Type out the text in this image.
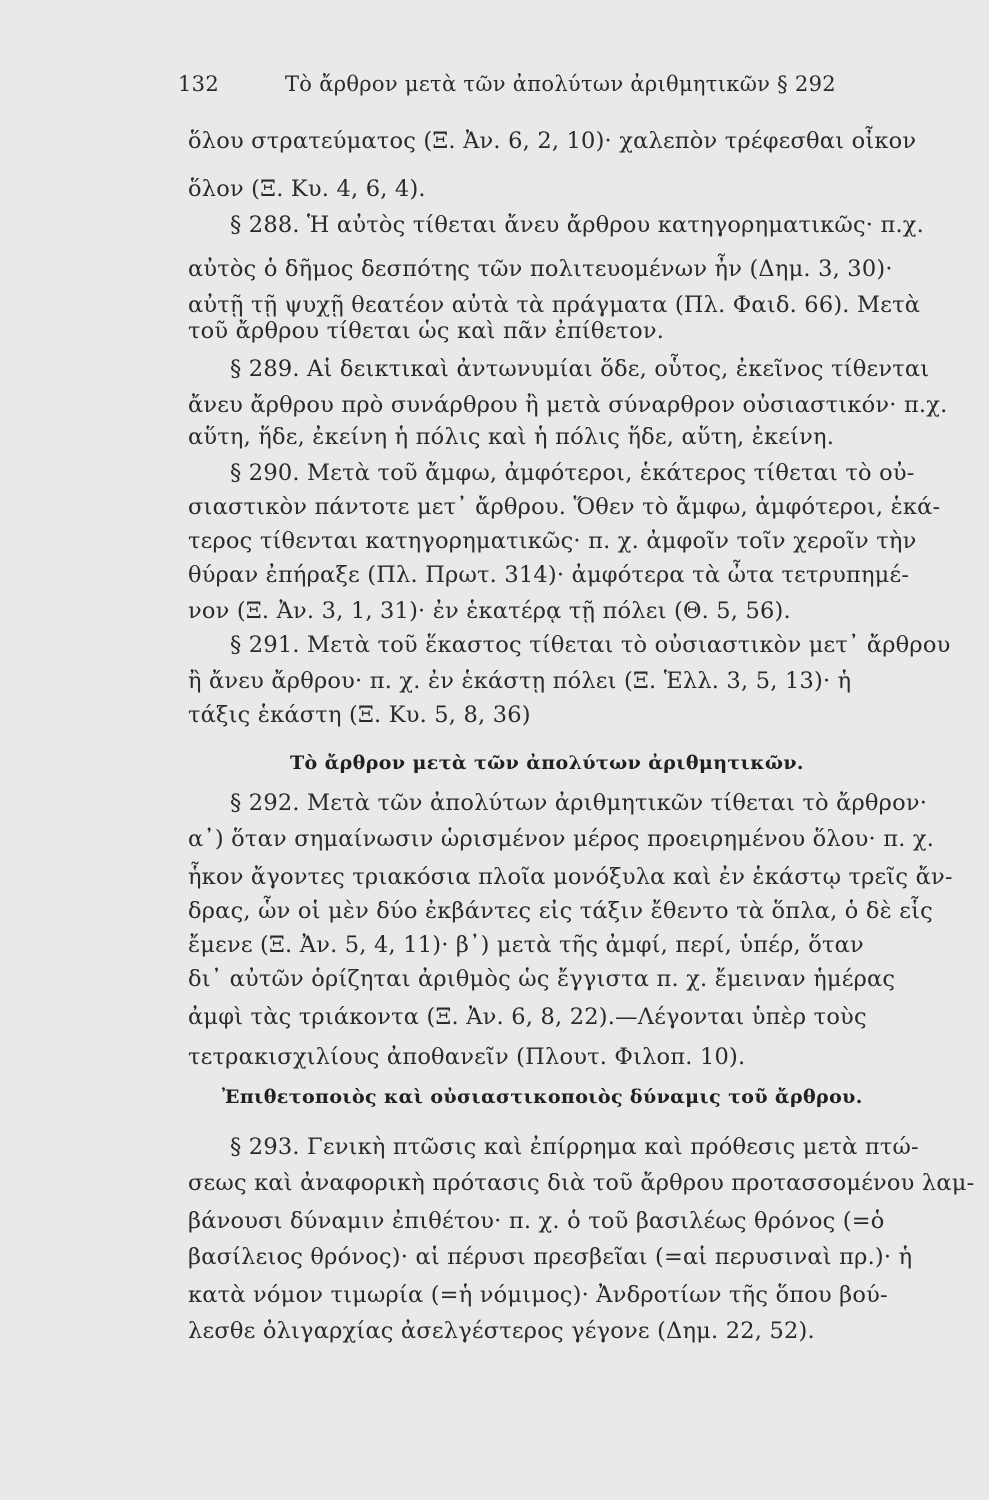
132	Τὸ ἄρθρον μετὰ τῶν ἀπολύτων ἀριθμητικῶν § 292
ὅλου στρατεύματος (Ξ. Ἀν. 6, 2, 10)· χαλεπὸν τρέφεσθαι οἶκον
ὅλον (Ξ. Κυ. 4, 6, 4).
§ 288. Ἡ αὐτὸς τίθεται ἄνευ ἄρθρου κατηγορηματικῶς· π.χ.
αὐτὸς ὁ δῆμος δεσπότης τῶν πολιτευομένων ἦν (Δημ. 3, 30)·
αὐτῇ τῇ ψυχῇ θεατέον αὐτὰ τὰ πράγματα (Πλ. Φαιδ. 66). Μετὰ
τοῦ ἄρθρου τίθεται ὡς καὶ πᾶν ἐπίθετον.
§ 289. Αἱ δεικτικαὶ ἀντωνυμίαι ὅδε, οὗτος, ἐκεῖνος τίθενται
ἄνευ ἄρθρου πρὸ συνάρθρου ἢ μετὰ σύναρθρον οὐσιαστικόν· π.χ.
αὕτη, ἥδε, ἐκείνη ἡ πόλις καὶ ἡ πόλις ἥδε, αὕτη, ἐκείνη.
§ 290. Μετὰ τοῦ ἄμφω, ἀμφότεροι, ἑκάτερος τίθεται τὸ οὐ-
σιαστικὸν πάντοτε μετ᾽ ἄρθρου. Ὅθεν τὸ ἄμφω, ἀμφότεροι, ἑκά-
τερος τίθενται κατηγορηματικῶς· π. χ. ἀμφοῖν τοῖν χεροῖν τὴν
θύραν ἐπήραξε (Πλ. Πρωτ. 314)· ἀμφότερα τὰ ὦτα τετρυπημέ-
νον (Ξ. Ἀν. 3, 1, 31)· ἐν ἑκατέρᾳ τῇ πόλει (Θ. 5, 56).
§ 291. Μετὰ τοῦ ἕκαστος τίθεται τὸ οὐσιαστικὸν μετ᾽ ἄρθρου
ἢ ἄνευ ἄρθρου· π. χ. ἐν ἑκάστῃ πόλει (Ξ. Ἑλλ. 3, 5, 13)· ἡ
τάξις ἑκάστη (Ξ. Κυ. 5, 8, 36)
Τὸ ἄρθρον μετὰ τῶν ἀπολύτων ἀριθμητικῶν.
§ 292. Μετὰ τῶν ἀπολύτων ἀριθμητικῶν τίθεται τὸ ἄρθρον·
α᾽) ὅταν σημαίνωσιν ὡρισμένον μέρος προειρημένου ὅλου· π. χ.
ἧκον ἄγοντες τριακόσια πλοῖα μονόξυλα καὶ ἐν ἑκάστῳ τρεῖς ἄν-
δρας, ὧν οἱ μὲν δύο ἐκβάντες εἰς τάξιν ἔθεντο τὰ ὅπλα, ὁ δὲ εἷς
ἔμενε (Ξ. Ἀν. 5, 4, 11)· β᾽) μετὰ τῆς ἀμφί, περί, ὑπέρ, ὅταν
δι᾽ αὐτῶν ὁρίζηται ἀριθμὸς ὡς ἔγγιστα π. χ. ἔμειναν ἡμέρας
ἀμφὶ τὰς τριάκοντα (Ξ. Ἀν. 6, 8, 22).—Λέγονται ὑπὲρ τοὺς
τετρακισχιλίους ἀποθανεῖν (Πλουτ. Φιλοπ. 10).
Ἐπιθετοποιὸς καὶ οὐσιαστικοποιὸς δύναμις τοῦ ἄρθρου.
§ 293. Γενικὴ πτῶσις καὶ ἐπίρρημα καὶ πρόθεσις μετὰ πτώ-
σεως καὶ ἀναφορικὴ πρότασις διὰ τοῦ ἄρθρου προτασσομένου λαμ-
βάνουσι δύναμιν ἐπιθέτου· π. χ. ὁ τοῦ βασιλέως θρόνος (=ὁ
βασίλειος θρόνος)· αἱ πέρυσι πρεσβεῖαι (=αἱ περυσιναὶ πρ.)· ἡ
κατὰ νόμον τιμωρία (=ἡ νόμιμος)· Ἀνδροτίων τῆς ὅπου βού-
λεσθε ὀλιγαρχίας ἀσελγέστερος γέγονε (Δημ. 22, 52).
